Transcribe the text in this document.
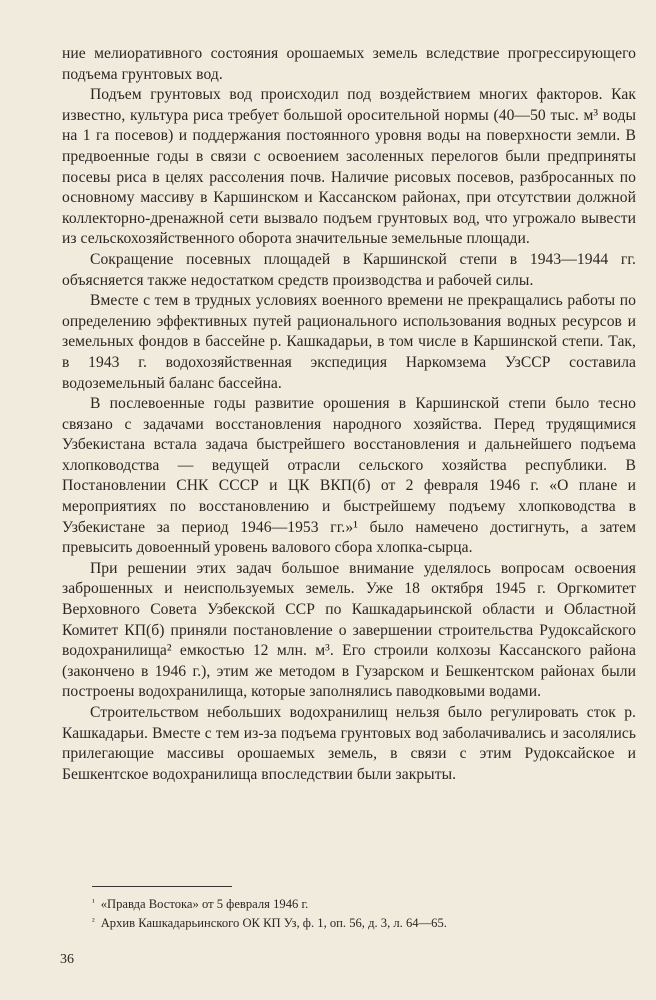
ние мелиоративного состояния орошаемых земель вследствие прогрессирующего подъема грунтовых вод.

Подъем грунтовых вод происходил под воздействием многих факторов. Как известно, культура риса требует большой оросительной нормы (40—50 тыс. м³ воды на 1 га посевов) и поддержания постоянного уровня воды на поверхности земли. В предвоенные годы в связи с освоением засоленных перелогов были предприняты посевы риса в целях рассоления почв. Наличие рисовых посевов, разбросанных по основному массиву в Каршинском и Кассанском районах, при отсутствии должной коллекторно-дренажной сети вызвало подъем грунтовых вод, что угрожало вывести из сельскохозяйственного оборота значительные земельные площади.

Сокращение посевных площадей в Каршинской степи в 1943—1944 гг. объясняется также недостатком средств производства и рабочей силы.

Вместе с тем в трудных условиях военного времени не прекращались работы по определению эффективных путей рационального использования водных ресурсов и земельных фондов в бассейне р. Кашкадарьи, в том числе в Каршинской степи. Так, в 1943 г. водохозяйственная экспедиция Наркомзема УзССР составила водоземельный баланс бассейна.

В послевоенные годы развитие орошения в Каршинской степи было тесно связано с задачами восстановления народного хозяйства. Перед трудящимися Узбекистана встала задача быстрейшего восстановления и дальнейшего подъема хлопководства — ведущей отрасли сельского хозяйства республики. В Постановлении СНК СССР и ЦК ВКП(б) от 2 февраля 1946 г. «О плане и мероприятиях по восстановлению и быстрейшему подъему хлопководства в Узбекистане за период 1946—1953 гг.»¹ было намечено достигнуть, а затем превысить довоенный уровень валового сбора хлопка-сырца.

При решении этих задач большое внимание уделялось вопросам освоения заброшенных и неиспользуемых земель. Уже 18 октября 1945 г. Оргкомитет Верховного Совета Узбекской ССР по Кашкадарьинской области и Областной Комитет КП(б) приняли постановление о завершении строительства Рудоксайского водохранилища² емкостью 12 млн. м³. Его строили колхозы Кассанского района (закончено в 1946 г.), этим же методом в Гузарском и Бешкентском районах были построены водохранилища, которые заполнялись паводковыми водами.

Строительством небольших водохранилищ нельзя было регулировать сток р. Кашкадарьи. Вместе с тем из-за подъема грунтовых вод заболачивались и засолялись прилегающие массивы орошаемых земель, в связи с этим Рудоксайское и Бешкентское водохранилища впоследствии были закрыты.

$^{^1}$ «Правда Востока» от 5 февраля 1946 г.

$^{^2}$ Архив Кашкадарьинского ОК КП Уз, ф. 1, оп. 56, д. 3, л. 64—65.

36
